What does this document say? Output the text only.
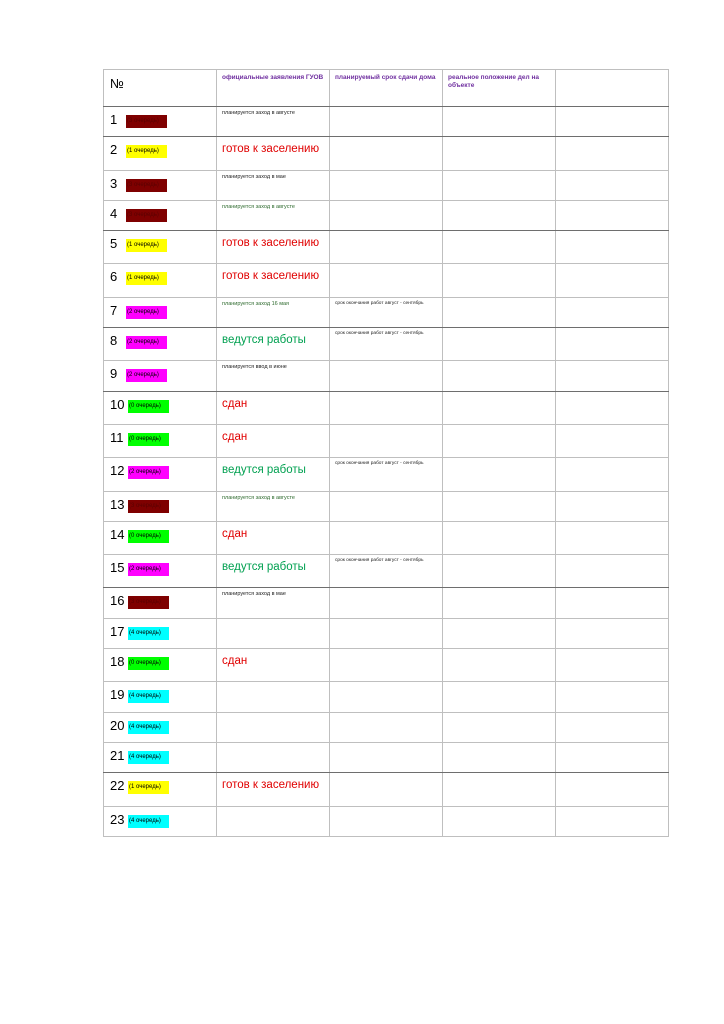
№	официальные заявления ГУОВ	планируемый срок сдачи дома	реальное положение дел на объекте	

1 (3 очередь)	планируется заход в августе			

2 (1 очередь)	готов к заселению			

3 (3 очередь)	планируется заход в мае			

4 (3 очередь)	планируется заход в августе			

5 (1 очередь)	готов к заселению			

6 (1 очередь)	готов к заселению			

7 (2 очередь)	планируется заход 16 мая	срок окончания работ август - сентябрь		

8 (2 очередь)	ведутся работы	срок окончания работ август - сентябрь		

9 (2 очередь)	планируется ввод в июне			

10 (0 очередь)	сдан			

11 (0 очередь)	сдан			

12 (2 очередь)	ведутся работы	срок окончания работ август - сентябрь		

13 (3 очередь)	планируется заход в августе			

14 (0 очередь)	сдан			

15 (2 очередь)	ведутся работы	срок окончания работ август - сентябрь		

16 (3 очередь)	планируется заход в мае			

17 (4 очередь)				

18 (0 очередь)	сдан			

19 (4 очередь)				

20 (4 очередь)				

21 (4 очередь)				

22 (1 очередь)	готов к заселению			

23 (4 очередь)				
